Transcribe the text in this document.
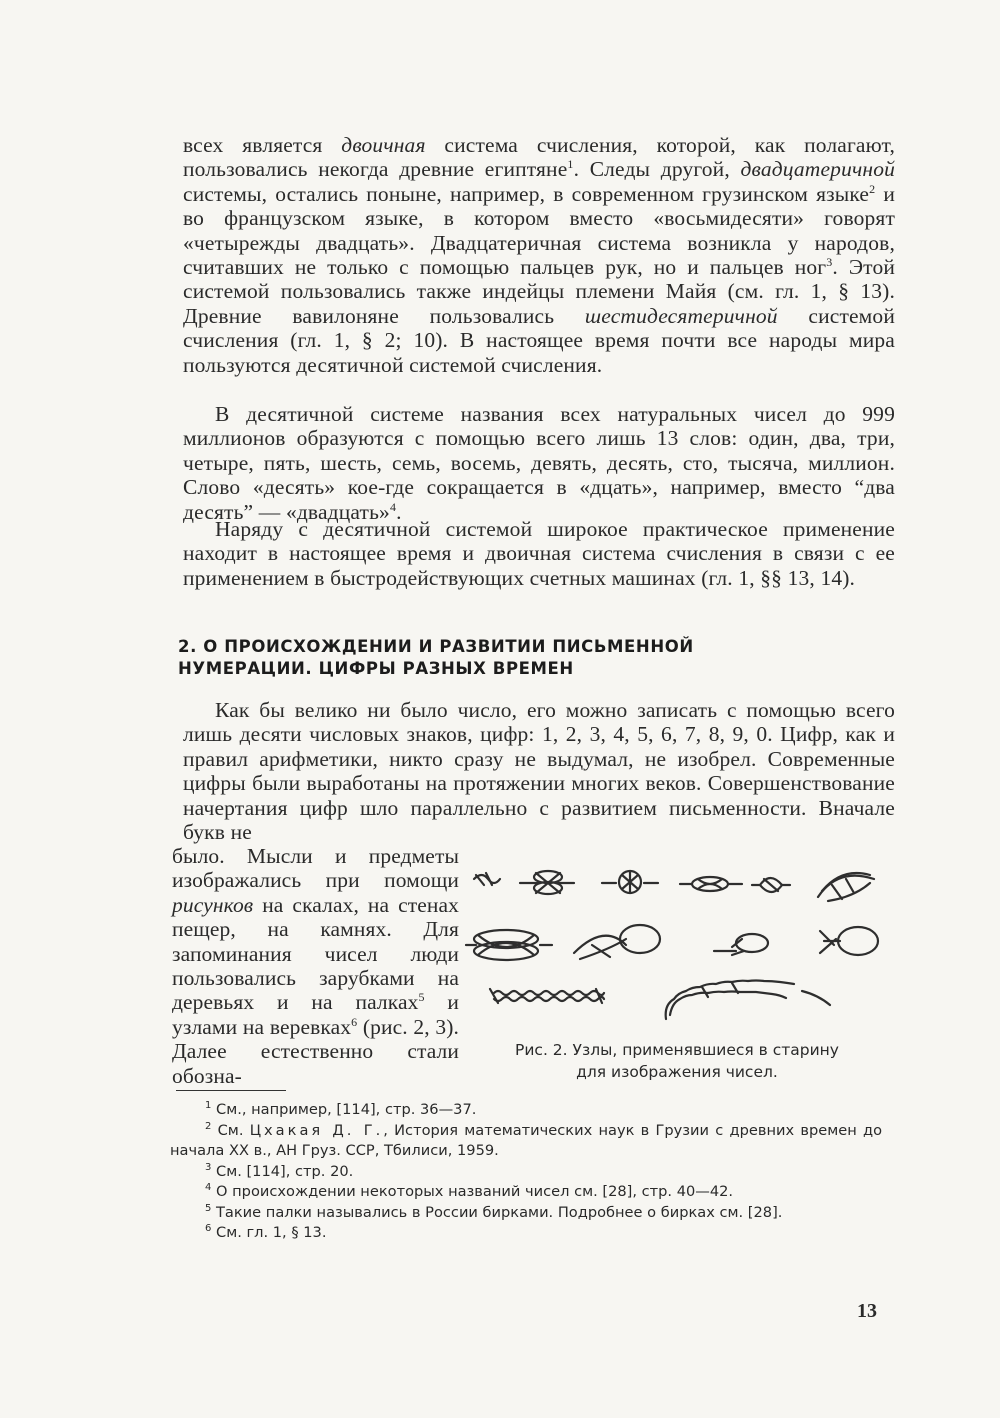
всех является двоичная система счисления, которой, как полагают, пользовались некогда древние египтяне$^1$. Следы другой, двадцатеричной системы, остались поныне, например, в современном грузинском языке$^2$ и во французском языке, в котором вместо «восьмидесяти» говорят «четырежды двадцать». Двадцатеричная система возникла у народов, считавших не только с помощью пальцев рук, но и пальцев ног$^3$. Этой системой пользовались также индейцы племени Майя (см. гл. 1, § 13). Древние вавилоняне пользовались шестидесятеричной системой счисления (гл. 1, § 2; 10). В настоящее время почти все народы мира пользуются десятичной системой счисления.

В десятичной системе названия всех натуральных чисел до 999 миллионов образуются с помощью всего лишь 13 слов: один, два, три, четыре, пять, шесть, семь, восемь, девять, десять, сто, тысяча, миллион. Слово «десять» кое-где сокращается в «дцать», например, вместо “два десять” — «двадцать»$^4$.

Наряду с десятичной системой широкое практическое применение находит в настоящее время и двоичная система счисления в связи с ее применением в быстродействующих счетных машинах (гл. 1, §§ 13, 14).

2. О ПРОИСХОЖДЕНИИ И РАЗВИТИИ ПИСЬМЕННОЙ
НУМЕРАЦИИ. ЦИФРЫ РАЗНЫХ ВРЕМЕН

Как бы велико ни было число, его можно записать с помощью всего лишь десяти числовых знаков, цифр: 1, 2, 3, 4, 5, 6, 7, 8, 9, 0. Цифр, как и правил арифметики, никто сразу не выдумал, не изобрел. Современные цифры были выработаны на протяжении многих веков. Совершенствование начертания цифр шло параллельно с развитием письменности. Вначале букв не

было. Мысли и предметы изображались при помощи рисунков на скалах, на стенах пещер, на камнях. Для запоминания чисел люди пользовались зарубками на деревьях и на палках$^5$ и узлами на веревках$^6$ (рис. 2, 3). Далее естественно стали обозна-

Рис. 2. Узлы, применявшиеся в старину
для изображения чисел.
$^1$ См., например, [114], стр. 36—37.
$^2$ См. Цхакая Д. Г., История математических наук в Грузии с древних времен до начала XX в., АН Груз. ССР, Тбилиси, 1959.
$^3$ См. [114], стр. 20.
$^4$ О происхождении некоторых названий чисел см. [28], стр. 40—42.
$^5$ Такие палки назывались в России бирками. Подробнее о бирках см. [28].
$^6$ См. гл. 1, § 13.
13
